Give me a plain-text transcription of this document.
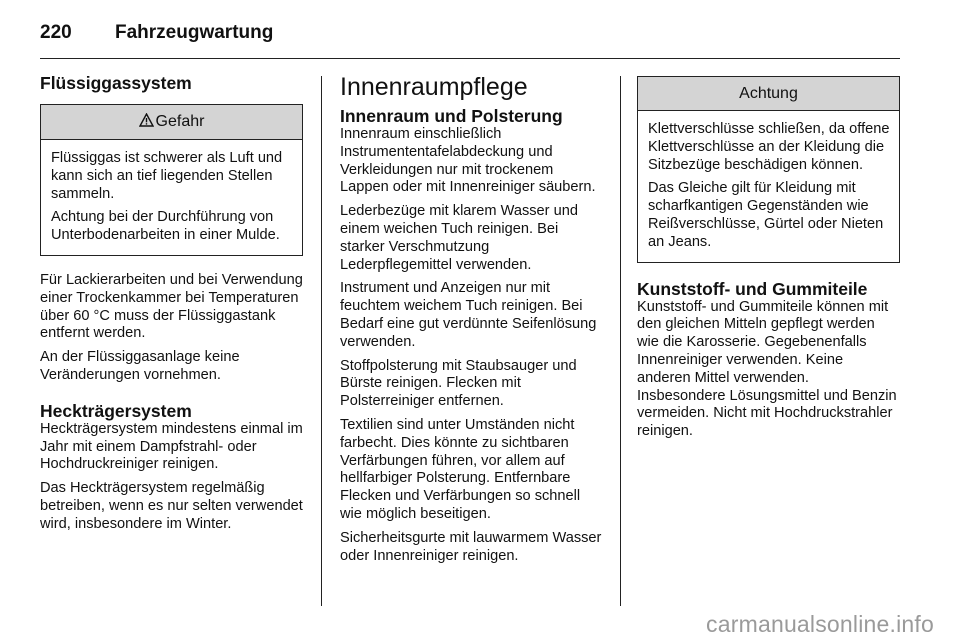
220	Fahrzeugwartung
Flüssiggassystem
Gefahr

Flüssiggas ist schwerer als Luft und kann sich an tief liegenden Stellen sammeln.

Achtung bei der Durchführung von Unterbodenarbeiten in einer Mulde.

Für Lackierarbeiten und bei Verwendung einer Trockenkammer bei Temperaturen über 60 °C muss der Flüssiggastank entfernt werden.

An der Flüssiggasanlage keine Veränderungen vornehmen.

Heckträgersystem

Heckträgersystem mindestens einmal im Jahr mit einem Dampfstrahl- oder Hochdruckreiniger reinigen.

Das Heckträgersystem regelmäßig betreiben, wenn es nur selten verwendet wird, insbesondere im Winter.

Innenraumpflege
Innenraum und Polsterung

Innenraum einschließlich Instrumententafelabdeckung und Verkleidungen nur mit trockenem Lappen oder mit Innenreiniger säubern.

Lederbezüge mit klarem Wasser und einem weichen Tuch reinigen. Bei starker Verschmutzung Lederpflegemittel verwenden.

Instrument und Anzeigen nur mit feuchtem weichem Tuch reinigen. Bei Bedarf eine gut verdünnte Seifenlösung verwenden.

Stoffpolsterung mit Staubsauger und Bürste reinigen. Flecken mit Polsterreiniger entfernen.

Textilien sind unter Umständen nicht farbecht. Dies könnte zu sichtbaren Verfärbungen führen, vor allem auf hellfarbiger Polsterung. Entfernbare Flecken und Verfärbungen so schnell wie möglich beseitigen.

Sicherheitsgurte mit lauwarmem Wasser oder Innenreiniger reinigen.

Achtung

Klettverschlüsse schließen, da offene Klettverschlüsse an der Kleidung die Sitzbezüge beschädigen können.

Das Gleiche gilt für Kleidung mit scharfkantigen Gegenständen wie Reißverschlüsse, Gürtel oder Nieten an Jeans.

Kunststoff- und Gummiteile

Kunststoff- und Gummiteile können mit den gleichen Mitteln gepflegt werden wie die Karosserie. Gegebenenfalls Innenreiniger verwenden. Keine anderen Mittel verwenden. Insbesondere Lösungsmittel und Benzin vermeiden. Nicht mit Hochdruckstrahler reinigen.

carmanualsonline.info
